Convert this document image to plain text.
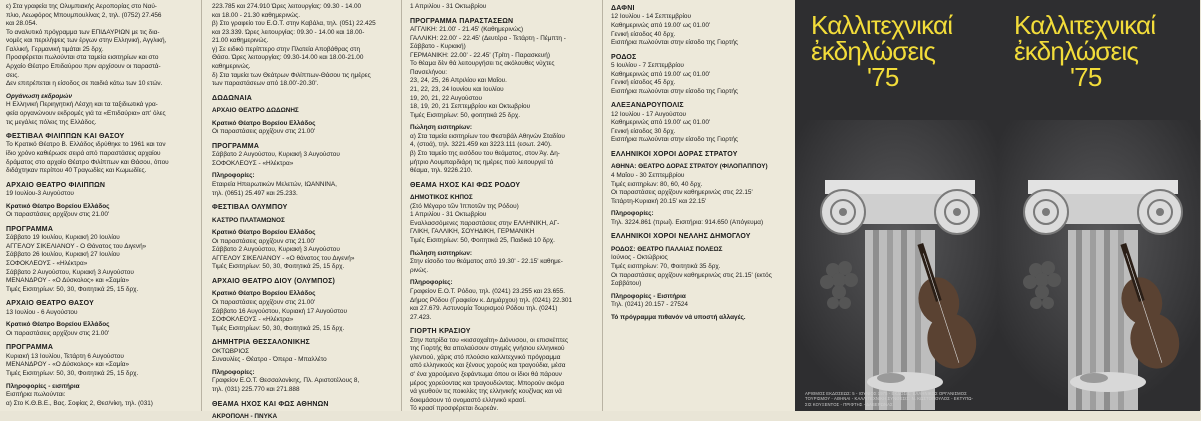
ε) Στα γραφεία της Ολυμπιακής Αεροπορίας στο Ναύ-
πλιο, Λεωφόρος Μπουμπουλίνας 2, τηλ. (0752) 27.456
και 28.054.
Το αναλυτικό πρόγραμμα των ΕΠΙΔΑΥΡΙΩΝ με τις δια-
νομές και περιλήψεις των έργων στην Ελληνική, Αγγλική,
Γαλλική, Γερμανική τιμάται 25 δρχ.
Προσφέρεται πωλούνται στα ταμεία εισιτηρίων και στο
Αρχαίο Θέατρο Επιδαύρου πριν αρχίσουν οι παραστά-
σεις.
Δεν επιτρέπεται η είσοδος σε παιδιά κάτω των 10 ετών.
Οργάνωση εκδρομών
Η Ελληνική Περιηγητική Λέσχη και τα ταξιδιωτικά γρα-
φεία οργανώνουν εκδρομές γιά τα «Επιδαύρια» απ' όλες
τις μεγάλες πόλεις της Ελλάδος.
ΦΕΣΤΙΒΑΛ ΦΙΛΙΠΠΩΝ ΚΑΙ ΘΑΣΟΥ
Το Κρατικό Θέατρο Β. Ελλάδος ιδρύθηκε το 1961 και τον
ίδιο χρόνο καθιέρωσε σειρά από παραστάσεις αρχαίου
δράματος στο αρχαίο Θέατρο Φιλίππων και Θάσου, όπου
διδάχτηκαν περίπου 40 Τραγωδίες και Κωμωδίες.
ΑΡΧΑΙΟ ΘΕΑΤΡΟ ΦΙΛΙΠΠΩΝ
19 Ιουλίου-3 Αυγούστου
Κρατικό Θέατρο Βορείου Ελλάδος
Οι παραστάσεις αρχίζουν στις 21.00'
ΠΡΟΓΡΑΜΜΑ
Σάββατο 19 Ιουλίου, Κυριακή 20 Ιουλίου
ΑΓΓΕΛΟΥ ΣΙΚΕΛΙΑΝΟΥ - Ο Θάνατος του Διγενή»
Σάββατο 26 Ιουλίου, Κυριακή 27 Ιουλίου
ΣΟΦΟΚΛΕΟΥΣ - «Ηλέκτρα»
Σάββατο 2 Αυγούστου, Κυριακή 3 Αυγούστου
ΜΕΝΑΝΔΡΟΥ - «Ο Δύσκολος» και «Σαμία»
Τιμές Εισιτηρίων: 50, 30, Φοιτητικά 25, 15 δρχ.
ΑΡΧΑΙΟ ΘΕΑΤΡΟ ΘΑΣΟΥ
13 Ιουλίου - 6 Αυγούστου
Κρατικό Θέατρο Βορείου Ελλάδος
Οι παραστάσεις αρχίζουν στις 21.00'
ΠΡΟΓΡΑΜΜΑ
Κυριακή 13 Ιουλίου, Τετάρτη 6 Αυγούστου
ΜΕΝΑΝΔΡΟΥ - «Ο Δύσκολος» και «Σαμία»
Τιμές Εισιτηρίων: 50, 30, Φοιτητικά 25, 15 δρχ.
Πληροφορίες - εισιτήρια
Εισιτήρια πωλούνται:
α) Στο Κ.Θ.Β.Ε., Βας. Σοφίας 2, Θεσ/νίκη, τηλ. (031)
223.785 και 274.910 Ώρες λειτουργίας: 09.30 - 14.00
και 18.00 - 21.30 καθημερινώς.
β) Στο γραφείο του Ε.Ο.Τ. στην Καβάλα, τηλ. (051) 22.425
και 23.339. Ώρες λειτουργίας: 09.30 - 14.00 και 18.00-
21.00 καθημερινώς.
γ) Σε ειδικό περίπτερο στην Πλατεία Αποβάθρας στη
Θάσο. Ώρες λειτουργίας: 09.30-14.00 και 18.00-21.00
καθημερινώς.
δ) Στα ταμεία των Θεάτρων Φιλίππων-Θάσου τις ημέρες
των παραστάσεων από 18.00'-20.30'.
ΔΩΔΩΝΑΙΑ
ΑΡΧΑΙΟ ΘΕΑΤΡΟ ΔΩΔΩΝΗΣ
Κρατικό Θέατρο Βορείου Ελλάδος
Οι παραστάσεις αρχίζουν στις 21.00'
ΠΡΟΓΡΑΜΜΑ
Σάββατο 2 Αυγούστου, Κυριακή 3 Αυγούστου
ΣΟΦΟΚΛΕΟΥΣ - «Ηλέκτρα»
Πληροφορίες:
Εταιρεία Ηπειρωτικών Μελετών, ΙΩΑΝΝΙΝΑ,
τηλ. (0651) 25.497 και 25.233.
ΦΕΣΤΙΒΑΛ ΟΛΥΜΠΟΥ
ΚΑΣΤΡΟ ΠΛΑΤΑΜΩΝΟΣ
Κρατικό Θέατρο Βορείου Ελλάδος
Οι παραστάσεις αρχίζουν στις 21.00'
Σάββατο 2 Αυγούστου, Κυριακή 3 Αυγούστου
ΑΓΓΕΛΟΥ ΣΙΚΕΛΙΑΝΟΥ - «Ο θάνατος του Διγενή»
Τιμές Εισιτηρίων: 50, 30, Φοιτητικά 25, 15 δρχ.
ΑΡΧΑΙΟ ΘΕΑΤΡΟ ΔΙΟΥ (ΟΛΥΜΠΟΣ)
Κρατικό Θέατρο Βορείου Ελλάδος
Οι παραστάσεις αρχίζουν στις 21.00'
Σάββατο 16 Αυγούστου, Κυριακή 17 Αυγούστου
ΣΟΦΟΚΛΕΟΥΣ - «Ηλέκτρα»
Τιμές Εισιτηρίων: 50, 30, Φοιτητικά 25, 15 δρχ.
ΔΗΜΗΤΡΙΑ ΘΕΣΣΑΛΟΝΙΚΗΣ
ΟΚΤΩΒΡΙΟΣ
Συναυλίες - Θέατρο - Όπερα - Μπαλλέτο
Πληροφορίες:
Γραφείον Ε.Ο.Τ. Θεσσαλονίκης, Πλ. Αριστοτέλους 8,
τηλ. (031) 225.770 και 271.888
ΘΕΑΜΑ ΗΧΟΣ ΚΑΙ ΦΩΣ ΑΘΗΝΩΝ
ΑΚΡΟΠΟΛΗ - ΠΝΥΚΑ
1 Απριλίου - 31 Οκτωβρίου
ΠΡΟΓΡΑΜΜΑ ΠΑΡΑΣΤΑΣΕΩΝ
ΑΓΓΛΙΚΗ: 21.00' - 21.45' (Καθημερινώς)
ΓΑΛΛΙΚΗ: 22.00' - 22.45' (Δευτέρα - Τετάρτη - Πέμπτη -
Σάββατο - Κυριακή)
ΓΕΡΜΑΝΙΚΗ: 22.00' - 22.45' (Τρίτη - Παρασκευή)
Το θέαμα δὲν θά λειτουργήσει τις ακόλουθες νύχτες
Πανσελήνου:
23, 24, 25, 26 Απριλίου και Μαΐου.
21, 22, 23, 24 Ιουνίου και Ιουλίου
19, 20, 21, 22 Αυγούστου
18, 19, 20, 21 Σεπτεμβρίου και Οκτωβρίου
Τιμές Εισιτηρίων: 50, φοιτητικά 25 δρχ.
Πώληση εισιτηρίων:
α) Στα ταμεία εισιτηρίων του Φεστιβάλ Αθηνών Σταδίου
4, (στοά), τηλ. 3221.459 και 3223.111 (εσωτ. 240).
β) Στο ταμείο της εισόδου του θεάματος, στον Άγ. Δη-
μήτριο Λουμπαρδιάρη τις ημέρες πού λειτουργεί τό
θέαμα, τηλ. 9226.210.
ΘΕΑΜΑ ΗΧΟΣ ΚΑΙ ΦΩΣ ΡΟΔΟΥ
ΔΗΜΟΤΙΚΟΣ ΚΗΠΟΣ
(Στό Μέγαρο τῶν Ἱπποτῶν της Ρόδου)
1 Απριλίου - 31 Οκτωβρίου
Εναλλασσόμενες παραστάσεις στην ΕΛΛΗΝΙΚΗ, ΑΓ-
ΓΛΙΚΗ, ΓΑΛΛΙΚΗ, ΣΟΥΗΔΙΚΗ, ΓΕΡΜΑΝΙΚΗ
Τιμές Εισιτηρίων: 50, Φοιτητικά 25, Παιδικά 10 δρχ.
Πώληση εισιτηρίων:
Στην είσοδο του θεάματος από 19.30' - 22.15' καθημε-
ρινώς.
Πληροφορίες:
Γραφείον Ε.Ο.Τ. Ρόδου, τηλ. (0241) 23.255 και 23.655.
Δήμος Ρόδου (Γραφείον κ. Δημάρχου) τηλ. (0241) 22.301
και 27.679. Αστυνομία Τουρισμού Ρόδου τηλ. (0241)
27.423.
ΓΙΟΡΤΗ ΚΡΑΣΙΟΥ
Στην πατρίδα του «κισσοχαίτη» Διόνυσου, οι επισκέπτες
της Γιορτής θα απολαύσουν στιγμές γνήσιου ελληνικού
γλεντιού, χάρις στό πλούσιο καλλιτεχνικό πρόγραμμα
από ελληνικούς και ξένους χορούς και τραγούδια, μέσα
σ' ένα χαρούμενο ξεφάντωμα όπου οι ίδιοι θά πάρουν
μέρος χορεύοντας και τραγουδώντας. Μπορούν ακόμα
νά γευθούν τις ποικιλίες της ελληνικής κουζίνας και νά
δοκιμάσουν τό ονομαστό ελληνικό κρασί.
Τό κρασί προσφέρεται δωρεάν.
ΔΑΦΝΙ
12 Ιουλίου - 14 Σεπτεμβρίου
Καθημερινώς από 19.00' ως 01.00'
Γενική είσοδος 40 δρχ.
Εισιτήρια πωλούνται στην είσοδο της Γιορτής
ΡΟΔΟΣ
5 Ιουλίου - 7 Σεπτεμβρίου
Καθημερινώς από 19.00' ως 01.00'
Γενική είσοδος 45 δρχ.
Εισιτήρια πωλούνται στην είσοδο της Γιορτής
ΑΛΕΞΑΝΔΡΟΥΠΟΛΙΣ
12 Ιουλίου - 17 Αυγούστου
Καθημερινώς από 19.00' ως 01.00'
Γενική είσοδος 30 δρχ.
Εισιτήρια πωλούνται στην είσοδο της Γιορτής
ΕΛΛΗΝΙΚΟΙ ΧΟΡΟΙ ΔΟΡΑΣ ΣΤΡΑΤΟΥ
ΑΘΗΝΑ: ΘΕΑΤΡΟ ΔΟΡΑΣ ΣΤΡΑΤΟΥ (ΦΙΛΟΠΑΠΠΟΥ)
4 Μαΐου - 30 Σεπτεμβρίου
Τιμές εισιτηρίων: 80, 60, 40 δρχ.
Οι παραστάσεις αρχίζουν καθημερινώς στις 22.15'
Τετάρτη-Κυριακή 20.15' και 22.15'
Πληροφορίες:
Τηλ. 3224.861 (πρωί). Εισιτήρια: 914.650 (Απόγευμα)
ΕΛΛΗΝΙΚΟΙ ΧΟΡΟΙ ΝΕΛΛΗΣ ΔΗΜΟΓΛΟΥ
ΡΟΔΟΣ: ΘΕΑΤΡΟ ΠΑΛΑΙΑΣ ΠΟΛΕΩΣ
Ιούνιος - Οκτώβριος
Τιμές εισιτηρίων: 70, Φοιτητικά 35 δρχ.
Οι παραστάσεις αρχίζουν καθημερινώς στις 21.15' (εκτός
Σαββάτου)
Πληροφορίες - Εισιτήρια
Τηλ. (0241) 20.157 - 27524
Τό πρόγραμμα πιθανόν νά υποστή αλλαγές.
Καλλιτεχνικαί
ἐκδηλώσεις
'75
ΑΡΙΘΜΟΣ ΕΚΔΟΣΕΩΣ: 5 - ΙΟΥΝΙΟΣ 1975 - ΕΚΔΟΣΙΣ: ΕΛΛΗΝΙΚΟΣ ΟΡΓΑΝΙΣΜΟΣ
ΤΟΥΡΙΣΜΟΥ - ΑΘΗΝΑΙ - ΚΑΛΛΙΤΕΧΝΙΚΗ ΣΥΝΘΕΣΙΣ: Ν. ΚΩΣΤΟΠΟΥΛΟΣ - ΕΚΤΥΠΩ-
ΣΙΣ ΚΟΥΞΕΝΤΟΣ - ΠΡΙΦΤΗΣ - ΔΑΒΕΡΩΝΑΣ
Καλλιτεχνικαί
ἐκδηλώσεις
'75
